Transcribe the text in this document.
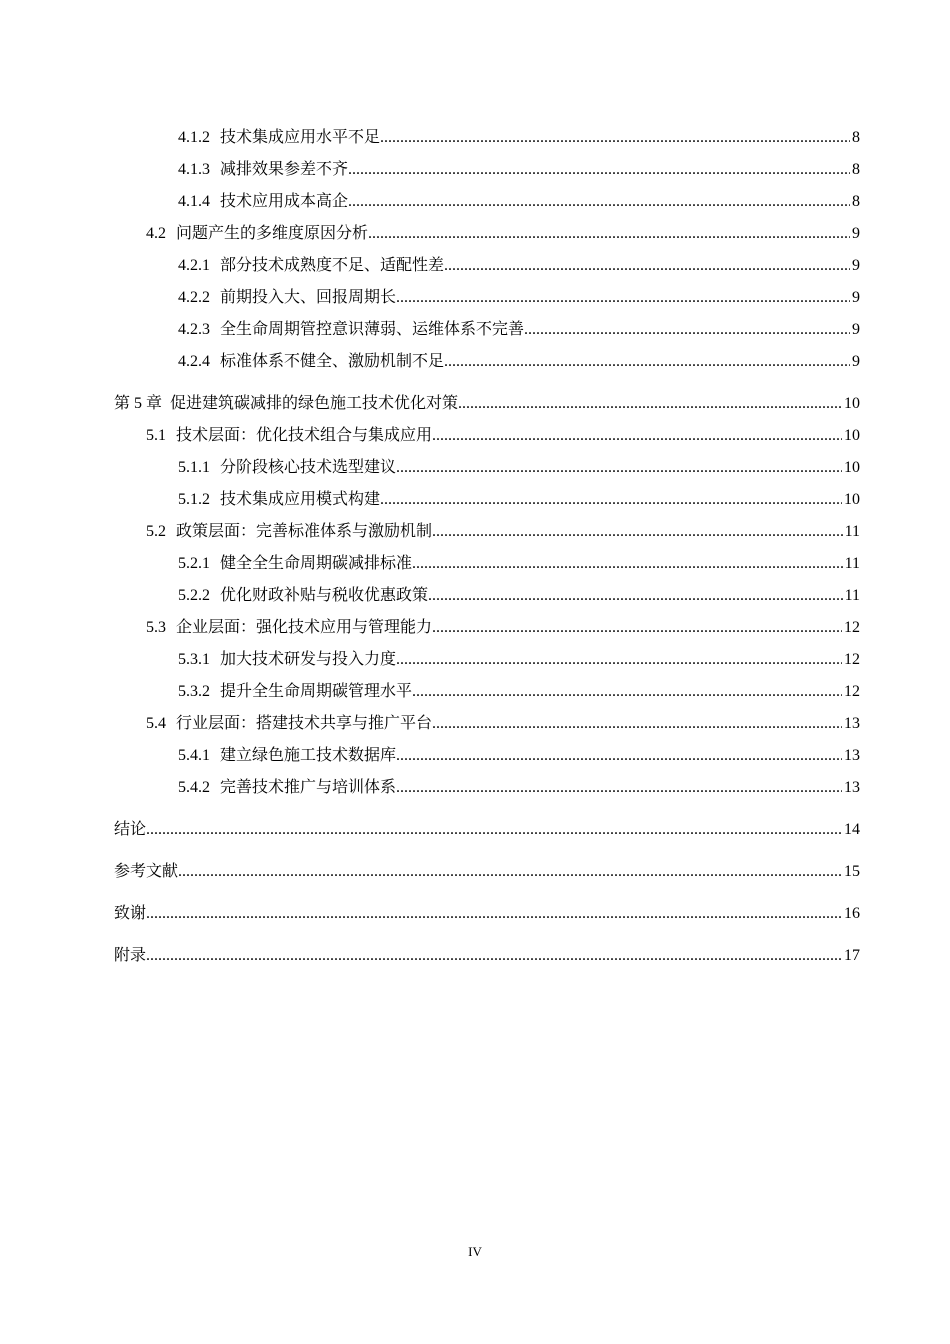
4.1.2 技术集成应用水平不足 .....	8
4.1.3 减排效果参差不齐 .....	8
4.1.4 技术应用成本高企 .....	8
4.2 问题产生的多维度原因分析 .....	9
4.2.1 部分技术成熟度不足、适配性差 .....	9
4.2.2 前期投入大、回报周期长 .....	9
4.2.3 全生命周期管控意识薄弱、运维体系不完善 .....	9
4.2.4 标准体系不健全、激励机制不足 .....	9
第 5 章 促进建筑碳减排的绿色施工技术优化对策 .....	10
5.1 技术层面：优化技术组合与集成应用 .....	10
5.1.1 分阶段核心技术选型建议 .....	10
5.1.2 技术集成应用模式构建 .....	10
5.2 政策层面：完善标准体系与激励机制 .....	11
5.2.1 健全全生命周期碳减排标准 .....	11
5.2.2 优化财政补贴与税收优惠政策 .....	11
5.3 企业层面：强化技术应用与管理能力 .....	12
5.3.1 加大技术研发与投入力度 .....	12
5.3.2 提升全生命周期碳管理水平 .....	12
5.4 行业层面：搭建技术共享与推广平台 .....	13
5.4.1 建立绿色施工技术数据库 .....	13
5.4.2 完善技术推广与培训体系 .....	13
结论 .....	14
参考文献 .....	15
致谢 .....	16
附录 .....	17
IV
